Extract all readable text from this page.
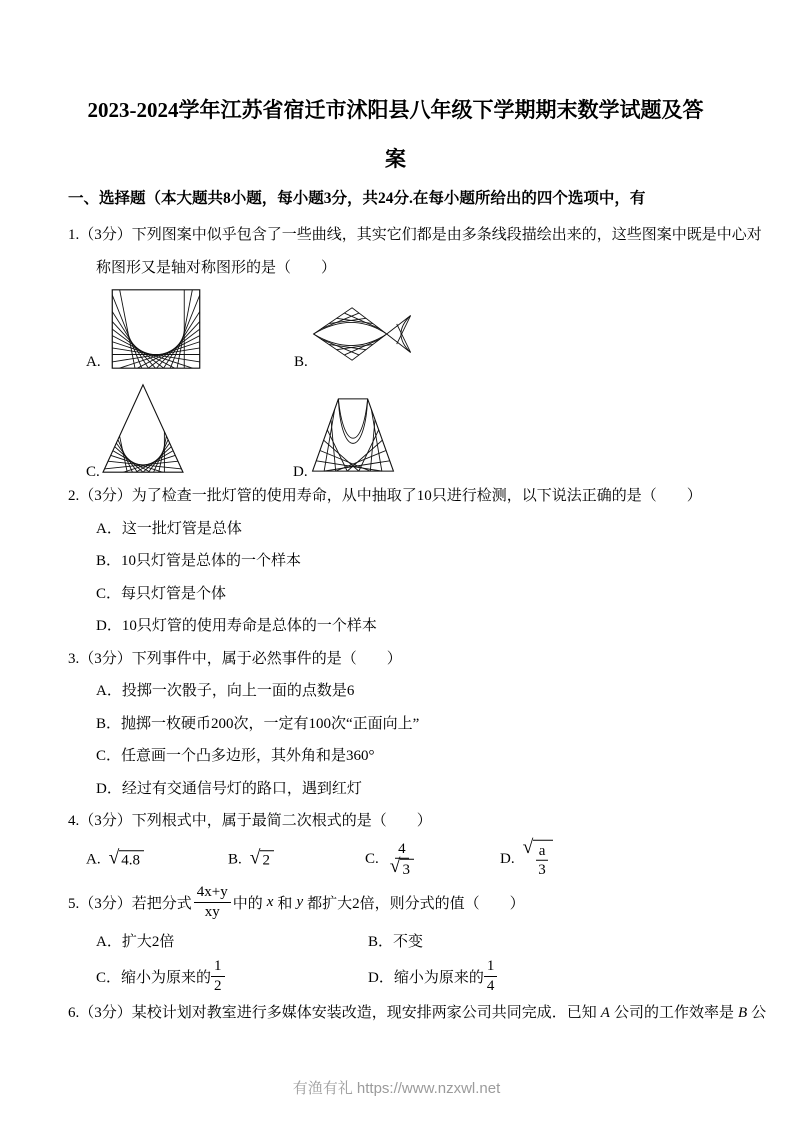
2023-2024学年江苏省宿迁市沭阳县八年级下学期期末数学试题及答
案
一、选择题（本大题共8小题，每小题3分，共24分.在每小题所给出的四个选项中，有

1.（3分）下列图案中似乎包含了一些曲线，其实它们都是由多条线段描绘出来的，这些图案中既是中心对

称图形又是轴对称图形的是（　　）

A.	B.
C.	D.

2.（3分）为了检查一批灯管的使用寿命，从中抽取了10只进行检测，以下说法正确的是（　　）

A．这一批灯管是总体

B．10只灯管是总体的一个样本

C．每只灯管是个体

D．10只灯管的使用寿命是总体的一个样本

3.（3分）下列事件中，属于必然事件的是（　　）

A．投掷一次骰子，向上一面的点数是6

B．抛掷一枚硬币200次，一定有100次“正面向上”

C．任意画一个凸多边形，其外角和是360°

D．经过有交通信号灯的路口，遇到红灯

4.（3分）下列根式中，属于最简二次根式的是（　　）

A. √ 4.8	B. √ 2	C. $\frac{4}{√ 3}$	D.
√ $\frac{a}{3}$
5.（3分）若把分式 $\frac{4x+y}{xy}$ 中的 x 和 y 都扩大2倍，则分式的值（　　）
A．扩大2倍	B．不变
C．缩小为原来的 $\frac{1}{2}$	D．缩小为原来的 $\frac{1}{4}$

6.（3分）某校计划对教室进行多媒体安装改造，现安排两家公司共同完成．已知 A 公司的工作效率是 B 公

有渔有礼 https://www.nzxwl.net
